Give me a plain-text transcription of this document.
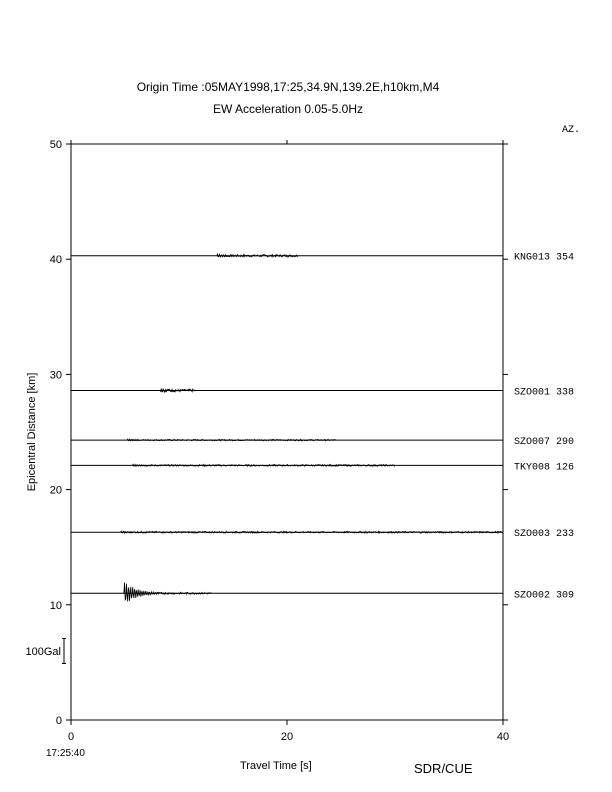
Origin Time :05MAY1998,17:25,34.9N,139.2E,h10km,M4
EW Acceleration 0.05-5.0Hz
AZ.
0
10
20
30
40
50
0	20	40
KNG013 354
SZO001 338
SZO007 290
TKY008 126
SZO003 233
SZO002 309
100Gal
Epicentral Distance [km]
17:25:40
Travel Time [s]	SDR/CUE
